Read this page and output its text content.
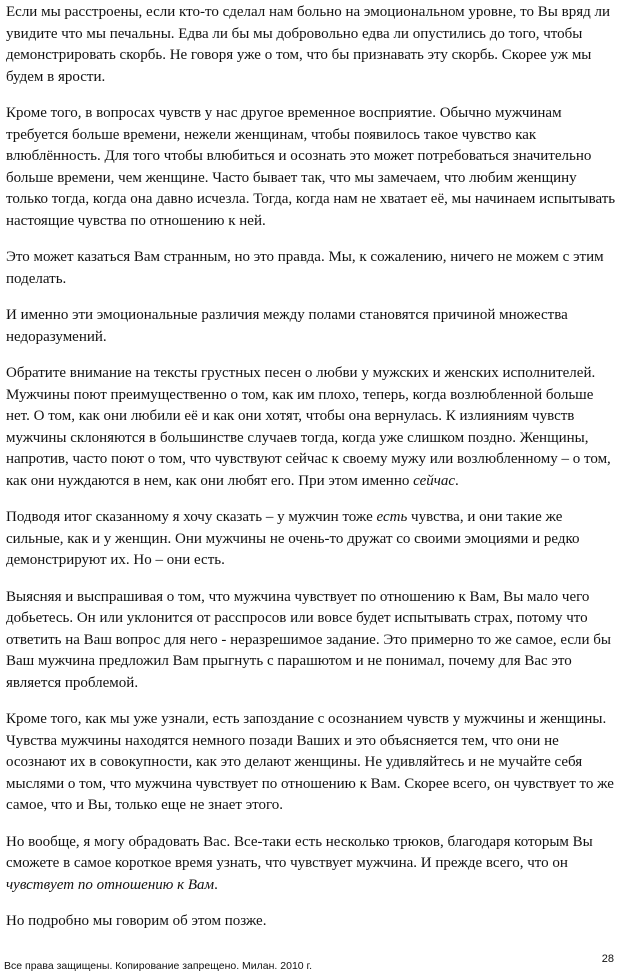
Если мы расстроены, если кто-то сделал нам больно на эмоциональном уровне, то Вы вряд ли увидите что мы печальны. Едва ли бы мы добровольно едва ли опустились до того, чтобы демонстрировать скорбь. Не говоря уже о том, что бы признавать эту скорбь. Скорее уж мы будем в ярости.

Кроме того, в вопросах чувств у нас другое временное восприятие. Обычно мужчинам требуется больше времени, нежели женщинам, чтобы появилось такое чувство как влюблённость. Для того чтобы влюбиться и осознать это может потребоваться значительно больше времени, чем женщине. Часто бывает так, что мы замечаем, что любим женщину только тогда, когда она давно исчезла. Тогда, когда нам не хватает её, мы начинаем испытывать настоящие чувства по отношению к ней.

Это может казаться Вам странным, но это правда. Мы, к сожалению, ничего не можем с этим поделать.

И именно эти эмоциональные различия между полами становятся причиной множества недоразумений.

Обратите внимание на тексты грустных песен о любви у мужских и женских исполнителей. Мужчины поют преимущественно о том, как им плохо, теперь, когда возлюбленной больше нет. О том, как они любили её и как они хотят, чтобы она вернулась. К излияниям чувств мужчины склоняются в большинстве случаев тогда, когда уже слишком поздно. Женщины, напротив, часто поют о том, что чувствуют сейчас к своему мужу или возлюбленному – о том, как они нуждаются в нем, как они любят его. При этом именно сейчас.

Подводя итог сказанному я хочу сказать – у мужчин тоже есть чувства, и они такие же сильные, как и у женщин. Они мужчины не очень-то дружат со своими эмоциями и редко демонстрируют их. Но – они есть.

Выясняя и выспрашивая о том, что мужчина чувствует по отношению к Вам, Вы мало чего добьетесь. Он или уклонится от расспросов или вовсе будет испытывать страх, потому что ответить на Ваш вопрос для него - неразрешимое задание. Это примерно то же самое, если бы Ваш мужчина предложил Вам прыгнуть с парашютом и не понимал, почему для Вас это является проблемой.

Кроме того, как мы уже узнали, есть запоздание с осознанием чувств у мужчины и женщины. Чувства мужчины находятся немного позади Ваших и это объясняется тем, что они не осознают их в совокупности, как это делают женщины. Не удивляйтесь и не мучайте себя мыслями о том, что мужчина чувствует по отношению к Вам. Скорее всего, он чувствует то же самое, что и Вы, только еще не знает этого.

Но вообще, я могу обрадовать Вас. Все-таки есть несколько трюков, благодаря которым Вы сможете в самое короткое время узнать, что чувствует мужчина. И прежде всего, что он чувствует по отношению к Вам.

Но подробно мы говорим об этом позже.

Все права защищены. Копирование запрещено. Милан. 2010 г.
28
